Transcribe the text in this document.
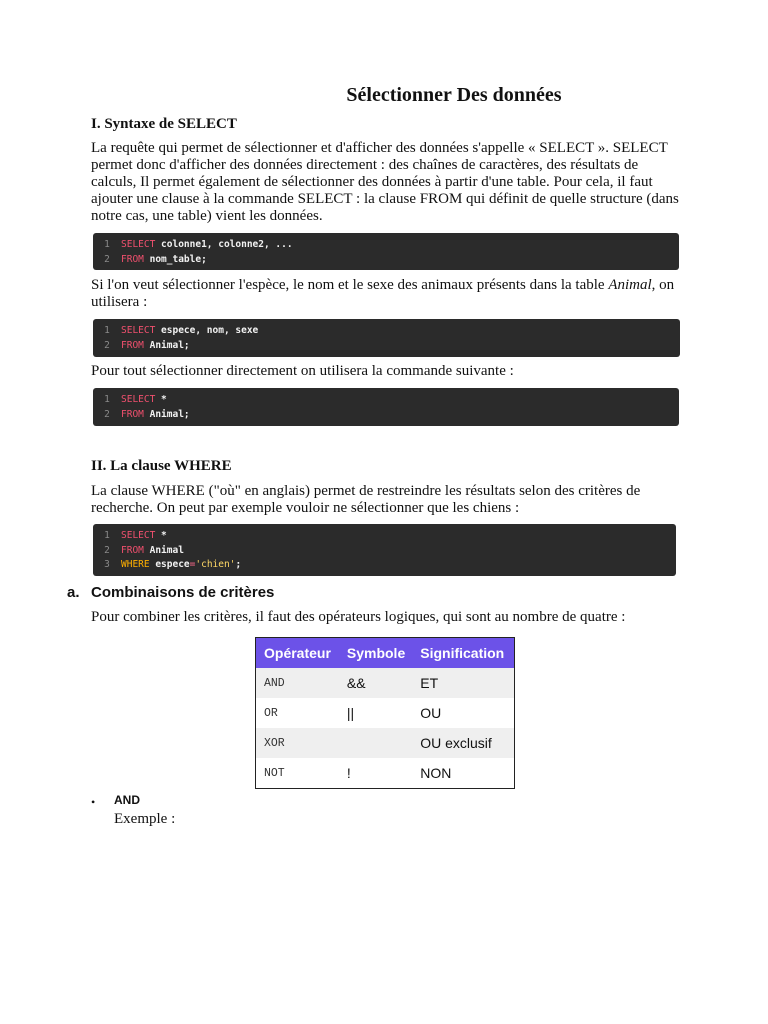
Sélectionner Des données
I. Syntaxe de SELECT
La requête qui permet de sélectionner et d'afficher des données s'appelle « SELECT ». SELECT permet donc d'afficher des données directement : des chaînes de caractères, des résultats de calculs, Il permet également de sélectionner des données à partir d'une table. Pour cela, il faut ajouter une clause à la commande SELECT : la clause FROM qui définit de quelle structure (dans notre cas, une table) vient les données.
1 SELECT colonne1, colonne2, ...
2 FROM nom_table;
Si l'on veut sélectionner l'espèce, le nom et le sexe des animaux présents dans la table Animal, on utilisera :
1 SELECT espece, nom, sexe
2 FROM Animal;
Pour tout sélectionner directement on utilisera la commande suivante :
1 SELECT *
2 FROM Animal;
II. La clause WHERE
La clause WHERE ("où" en anglais) permet de restreindre les résultats selon des critères de recherche. On peut par exemple vouloir ne sélectionner que les chiens :
1 SELECT *
2 FROM Animal
3 WHERE espece='chien';
a. Combinaisons de critères
Pour combiner les critères, il faut des opérateurs logiques, qui sont au nombre de quatre :
Opérateur	Symbole	Signification
AND	&&	ET
OR	||	OU
XOR		OU exclusif
NOT	!	NON
• AND
Exemple :
